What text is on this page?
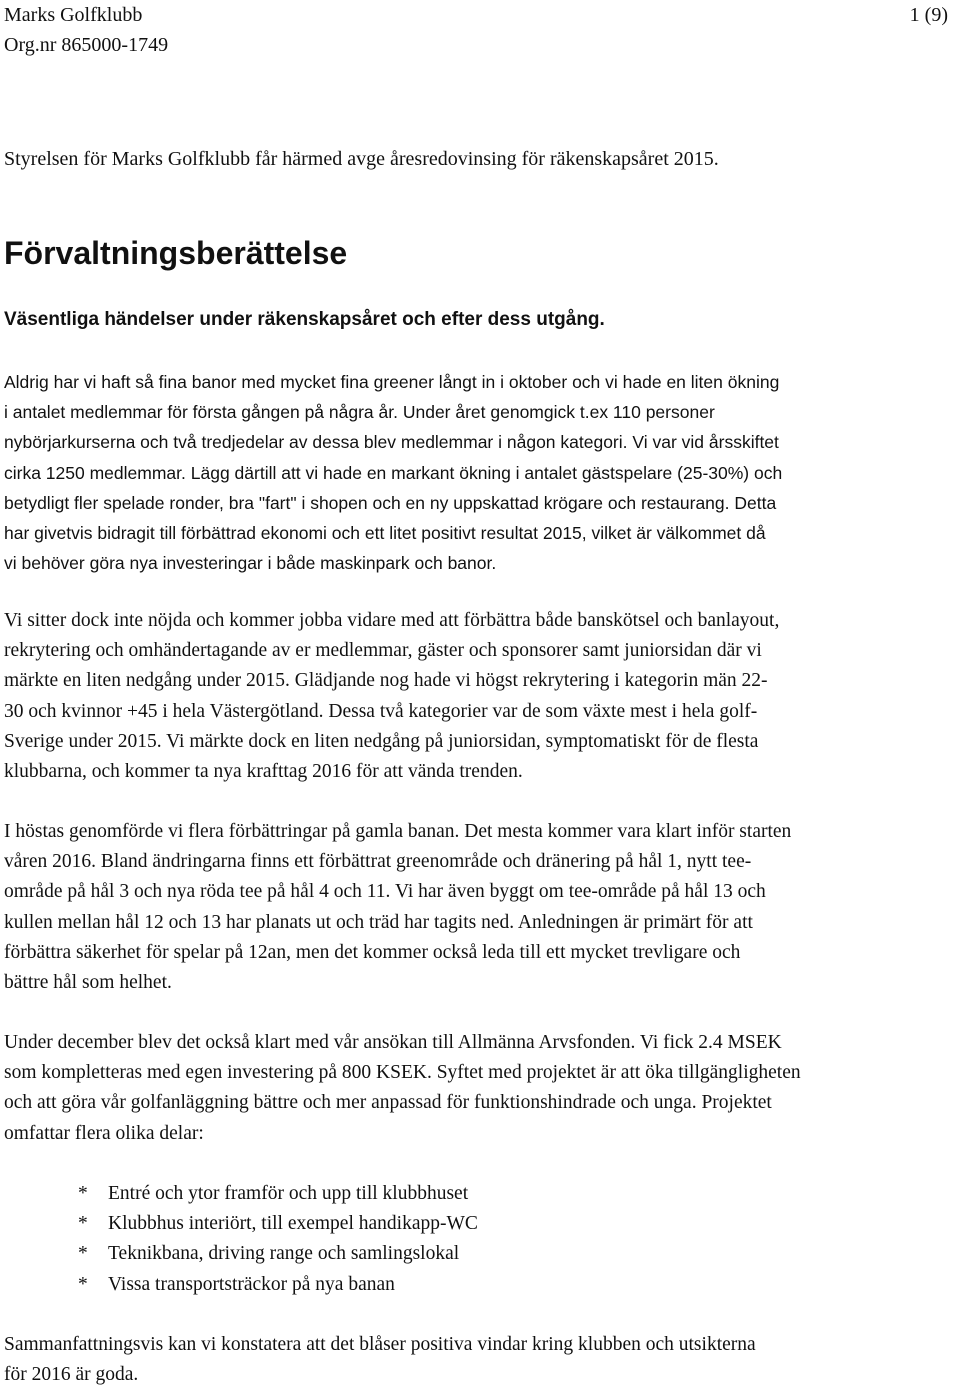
Marks Golfklubb
Org.nr 865000-1749
1 (9)
Styrelsen för Marks Golfklubb får härmed avge åresredovinsing för räkenskapsåret 2015.
Förvaltningsberättelse
Väsentliga händelser under räkenskapsåret och efter dess utgång.
Aldrig har vi haft så fina banor med mycket fina greener långt in i oktober och vi hade en liten ökning
i antalet medlemmar för första gången på några år. Under året genomgick t.ex 110 personer
nybörjarkurserna och två tredjedelar av dessa blev medlemmar i någon kategori. Vi var vid årsskiftet
cirka 1250 medlemmar. Lägg därtill att vi hade en markant ökning i antalet gästspelare (25-30%) och
betydligt fler spelade ronder, bra "fart" i shopen och en ny uppskattad krögare och restaurang. Detta
har givetvis bidragit till förbättrad ekonomi och ett litet positivt resultat 2015, vilket är välkommet då
vi behöver göra nya investeringar i både maskinpark och banor.
Vi sitter dock inte nöjda och kommer jobba vidare med att förbättra både banskötsel och banlayout,
rekrytering och omhändertagande av er medlemmar, gäster och sponsorer samt juniorsidan där vi
märkte en liten nedgång under 2015. Glädjande nog hade vi högst rekrytering i kategorin män 22-
30 och kvinnor +45 i hela Västergötland. Dessa två kategorier var de som växte mest i hela golf-
Sverige under 2015. Vi märkte dock en liten nedgång på juniorsidan, symptomatiskt för de flesta
klubbarna, och kommer ta nya krafttag 2016 för att vända trenden.
I höstas genomförde vi flera förbättringar på gamla banan. Det mesta kommer vara klart inför starten
våren 2016. Bland ändringarna finns ett förbättrat greenområde och dränering på hål 1, nytt tee-
område på hål 3 och nya röda tee på hål 4 och 11. Vi har även byggt om tee-område på hål 13 och
kullen mellan hål 12 och 13 har planats ut och träd har tagits ned. Anledningen är primärt för att
förbättra säkerhet för spelar på 12an, men det kommer också leda till ett mycket trevligare och
bättre hål som helhet.
Under december blev det också klart med vår ansökan till Allmänna Arvsfonden. Vi fick 2.4 MSEK
som kompletteras med egen investering på 800 KSEK. Syftet med projektet är att öka tillgängligheten
och att göra vår golfanläggning bättre och mer anpassad för funktionshindrade och unga. Projektet
omfattar flera olika delar:
* Entré och ytor framför och upp till klubbhuset
* Klubbhus interiört, till exempel handikapp-WC
* Teknikbana, driving range och samlingslokal
* Vissa transportsträckor på nya banan
Sammanfattningsvis kan vi konstatera att det blåser positiva vindar kring klubben och utsikterna
för 2016 är goda.
